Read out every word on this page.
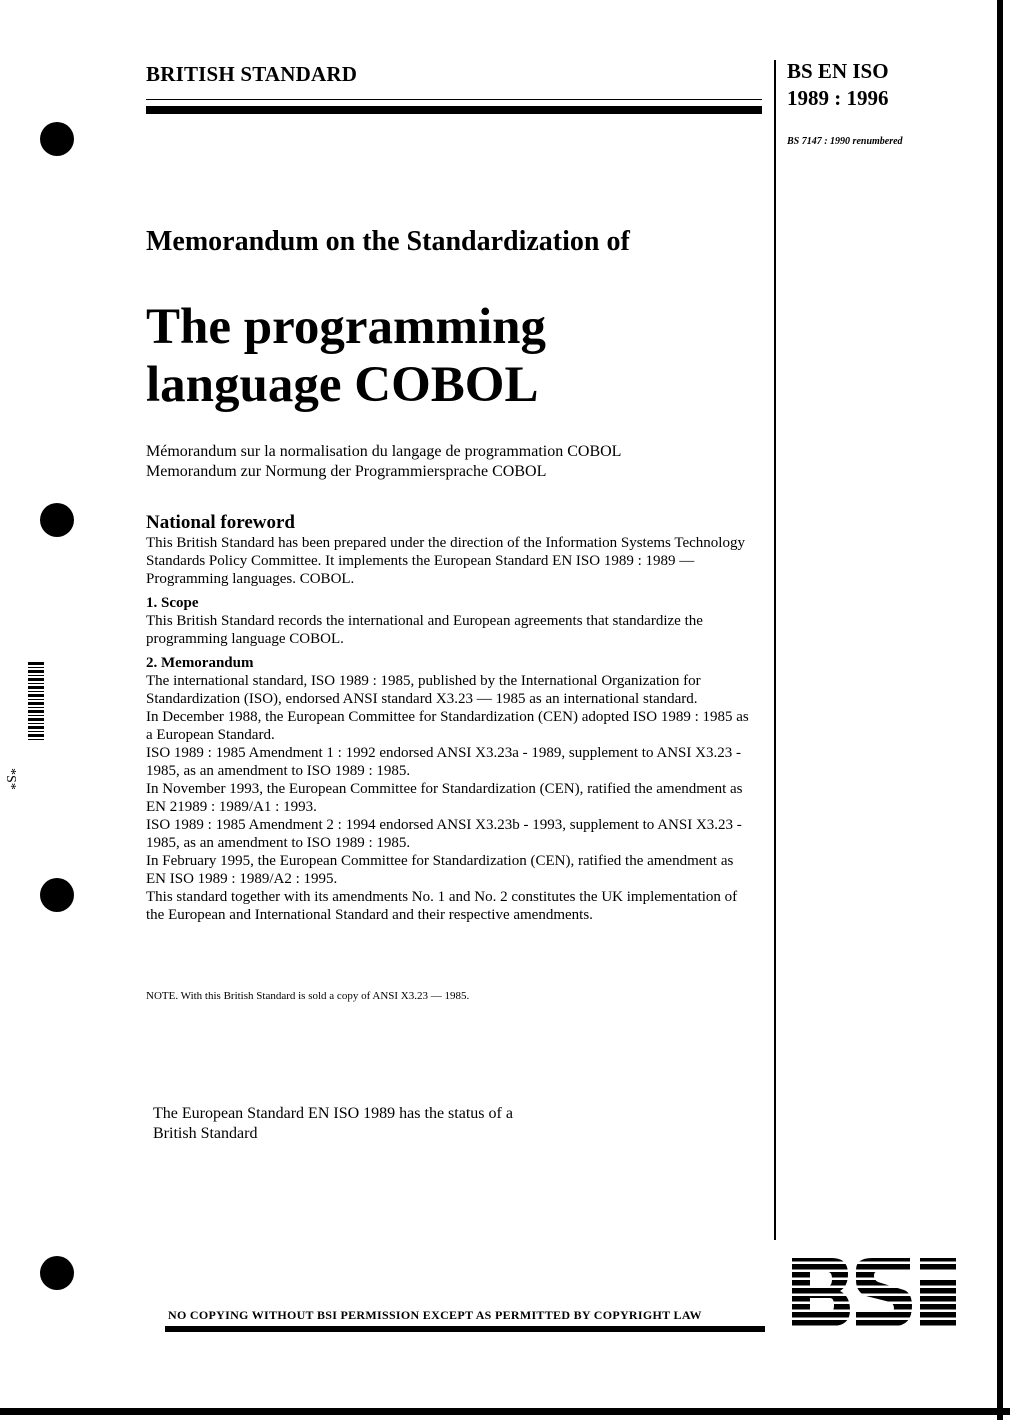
*S*
BRITISH STANDARD	BS EN ISO
1989 : 1996
BS 7147 : 1990 renumbered
Memorandum on the Standardization of
The programming
language COBOL
Mémorandum sur la normalisation du langage de programmation COBOL
Memorandum zur Normung der Programmiersprache COBOL
National foreword

This British Standard has been prepared under the direction of the Information Systems Technology Standards Policy Committee. It implements the European Standard EN ISO 1989 : 1989 — Programming languages. COBOL.

1. Scope

This British Standard records the international and European agreements that standardize the programming language COBOL.

2. Memorandum

The international standard, ISO 1989 : 1985, published by the International Organization for Standardization (ISO), endorsed ANSI standard X3.23 — 1985 as an international standard.

In December 1988, the European Committee for Standardization (CEN) adopted ISO 1989 : 1985 as a European Standard.

ISO 1989 : 1985 Amendment 1 : 1992 endorsed ANSI X3.23a - 1989, supplement to ANSI X3.23 - 1985, as an amendment to ISO 1989 : 1985.

In November 1993, the European Committee for Standardization (CEN), ratified the amendment as EN 21989 : 1989/A1 : 1993.

ISO 1989 : 1985 Amendment 2 : 1994 endorsed ANSI X3.23b - 1993, supplement to ANSI X3.23 - 1985, as an amendment to ISO 1989 : 1985.

In February 1995, the European Committee for Standardization (CEN), ratified the amendment as EN ISO 1989 : 1989/A2 : 1995.

This standard together with its amendments No. 1 and No. 2 constitutes the UK implementation of the European and International Standard and their respective amendments.

NOTE. With this British Standard is sold a copy of ANSI X3.23 — 1985.
The European Standard EN ISO 1989 has the status of a
British Standard
NO COPYING WITHOUT BSI PERMISSION EXCEPT AS PERMITTED BY COPYRIGHT LAW
BSi
